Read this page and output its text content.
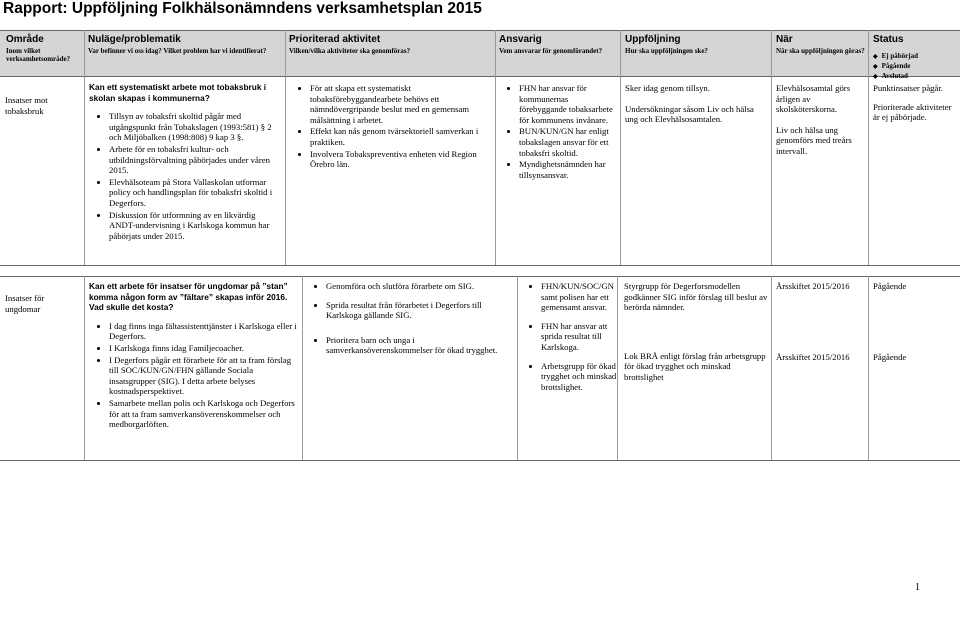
Rapport: Uppföljning Folkhälsonämndens verksamhetsplan 2015
Område
Inom vilket verksamhetsområde?
Nuläge/problematik
Var befinner vi oss idag? Vilket problem har vi identifierat?
Prioriterad aktivitet
Vilken/vilka aktiviteter ska genomföras?
Ansvarig
Vem ansvarar för genomförandet?
Uppföljning
Hur ska uppföljningen ske?
När
När ska uppföljningen göras?
Status
◆ Ej påbörjad
◆ Pågående
◆ Avslutad
Insatser mot tobaksbruk

Kan ett systematiskt arbete mot tobaksbruk i skolan skapas i kommunerna?

• Tillsyn av tobaksfri skoltid pågår med utgångspunkt från Tobakslagen (1993:581) § 2 och Miljöbalken (1998:808) 9 kap 3 §.
• Arbete för en tobaksfri kultur- och utbildningsförvaltning påbörjades under våren 2015.
• Elevhälsoteam på Stora Vallaskolan utformar policy och handlingsplan för tobaksfri skoltid i Degerfors.
• Diskussion för utformning av en likvärdig ANDT-undervisning i Karlskoga kommun har påbörjats under 2015.
• För att skapa ett systematiskt tobaksförebyggandearbete behövs ett nämndövergripande beslut med en gemensam målsättning i arbetet.
• Effekt kan nås genom tvärsektoriell samverkan i praktiken.
• Involvera Tobakspreventiva enheten vid Region Örebro län.
• FHN har ansvar för kommunernas förebyggande tobaksarbete för kommunens invånare.
• BUN/KUN/GN har enligt tobakslagen ansvar för ett tobaksfri skoltid.
• Myndighetsnämnden har tillsynsansvar.

Sker idag genom tillsyn.

Undersökningar såsom Liv och hälsa ung och Elevhälsosamtalen.

Elevhälsosamtal görs årligen av skolsköterskorna.

Liv och hälsa ung genomförs med treårs intervall.

Punktinsatser pågår.

Prioriterade aktiviteter är ej påbörjade.

Insatser för ungdomar

Kan ett arbete för insatser för ungdomar på ”stan” komma någon form av ”fältare” skapas inför 2016. Vad skulle det kosta?

• I dag finns inga fältassistenttjänster i Karlskoga eller i Degerfors.
• I Karlskoga finns idag Familjecoacher.
• I Degerfors pågår ett förarbete för att ta fram förslag till SOC/KUN/GN/FHN gällande Sociala insatsgrupper (SIG). I detta arbete belyses kostnadsperspektivet.
• Samarbete mellan polis och Karlskoga och Degerfors för att ta fram samverkansöverenskommelser och medborgarlöften.
• Genomföra och slutföra förarbete om SIG.
• Sprida resultat från förarbetet i Degerfors till Karlskoga gällande SIG.
• Prioritera barn och unga i samverkansöverenskommelser för ökad trygghet.
• FHN/KUN/SOC/GN samt polisen har ett gemensamt ansvar.
• FHN har ansvar att sprida resultat till Karlskoga.
• Arbetsgrupp för ökad trygghet och minskad brottslighet.

Styrgrupp för Degerforsmodellen godkänner SIG inför förslag till beslut av berörda nämnder.

Lok BRÅ enligt förslag från arbetsgrupp för ökad trygghet och minskad brottslighet

Årsskiftet 2015/2016

Årsskiftet 2015/2016

Pågående

Pågående

1
